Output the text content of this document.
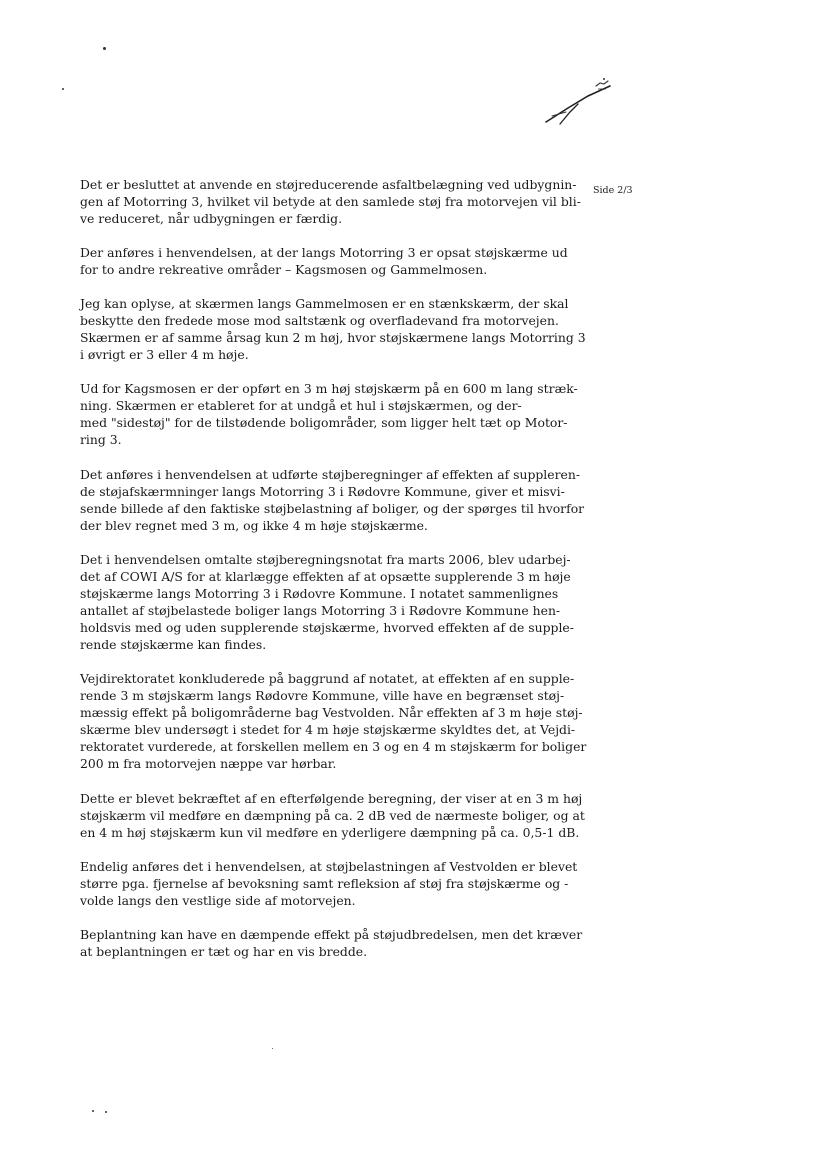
Side 2/3

Det er besluttet at anvende en støjreducerende asfaltbelægning ved udbygnin-
gen af Motorring 3, hvilket vil betyde at den samlede støj fra motorvejen vil bli-
ve reduceret, når udbygningen er færdig.

Der anføres i henvendelsen, at der langs Motorring 3 er opsat støjskærme ud
for to andre rekreative områder – Kagsmosen og Gammelmosen.

Jeg kan oplyse, at skærmen langs Gammelmosen er en stænkskærm, der skal
beskytte den fredede mose mod saltstænk og overfladevand fra motorvejen.
Skærmen er af samme årsag kun 2 m høj, hvor støjskærmene langs Motorring 3
i øvrigt er 3 eller 4 m høje.

Ud for Kagsmosen er der opført en 3 m høj støjskærm på en 600 m lang stræk-
ning. Skærmen er etableret for at undgå et hul i støjskærmen, og der-
med "sidestøj" for de tilstødende boligområder, som ligger helt tæt op Motor-
ring 3.

Det anføres i henvendelsen at udførte støjberegninger af effekten af suppleren-
de støjafskærmninger langs Motorring 3 i Rødovre Kommune, giver et misvi-
sende billede af den faktiske støjbelastning af boliger, og der spørges til hvorfor
der blev regnet med 3 m, og ikke 4 m høje støjskærme.

Det i henvendelsen omtalte støjberegningsnotat fra marts 2006, blev udarbej-
det af COWI A/S for at klarlægge effekten af at opsætte supplerende 3 m høje
støjskærme langs Motorring 3 i Rødovre Kommune. I notatet sammenlignes
antallet af støjbelastede boliger langs Motorring 3 i Rødovre Kommune hen-
holdsvis med og uden supplerende støjskærme, hvorved effekten af de supple-
rende støjskærme kan findes.

Vejdirektoratet konkluderede på baggrund af notatet, at effekten af en supple-
rende 3 m støjskærm langs Rødovre Kommune, ville have en begrænset støj-
mæssig effekt på boligområderne bag Vestvolden. Når effekten af 3 m høje støj-
skærme blev undersøgt i stedet for 4 m høje støjskærme skyldtes det, at Vejdi-
rektoratet vurderede, at forskellen mellem en 3 og en 4 m støjskærm for boliger
200 m fra motorvejen næppe var hørbar.

Dette er blevet bekræftet af en efterfølgende beregning, der viser at en 3 m høj
støjskærm vil medføre en dæmpning på ca. 2 dB ved de nærmeste boliger, og at
en 4 m høj støjskærm kun vil medføre en yderligere dæmpning på ca. 0,5-1 dB.

Endelig anføres det i henvendelsen, at støjbelastningen af Vestvolden er blevet
større pga. fjernelse af bevoksning samt refleksion af støj fra støjskærme og -
volde langs den vestlige side af motorvejen.

Beplantning kan have en dæmpende effekt på støjudbredelsen, men det kræver
at beplantningen er tæt og har en vis bredde.
